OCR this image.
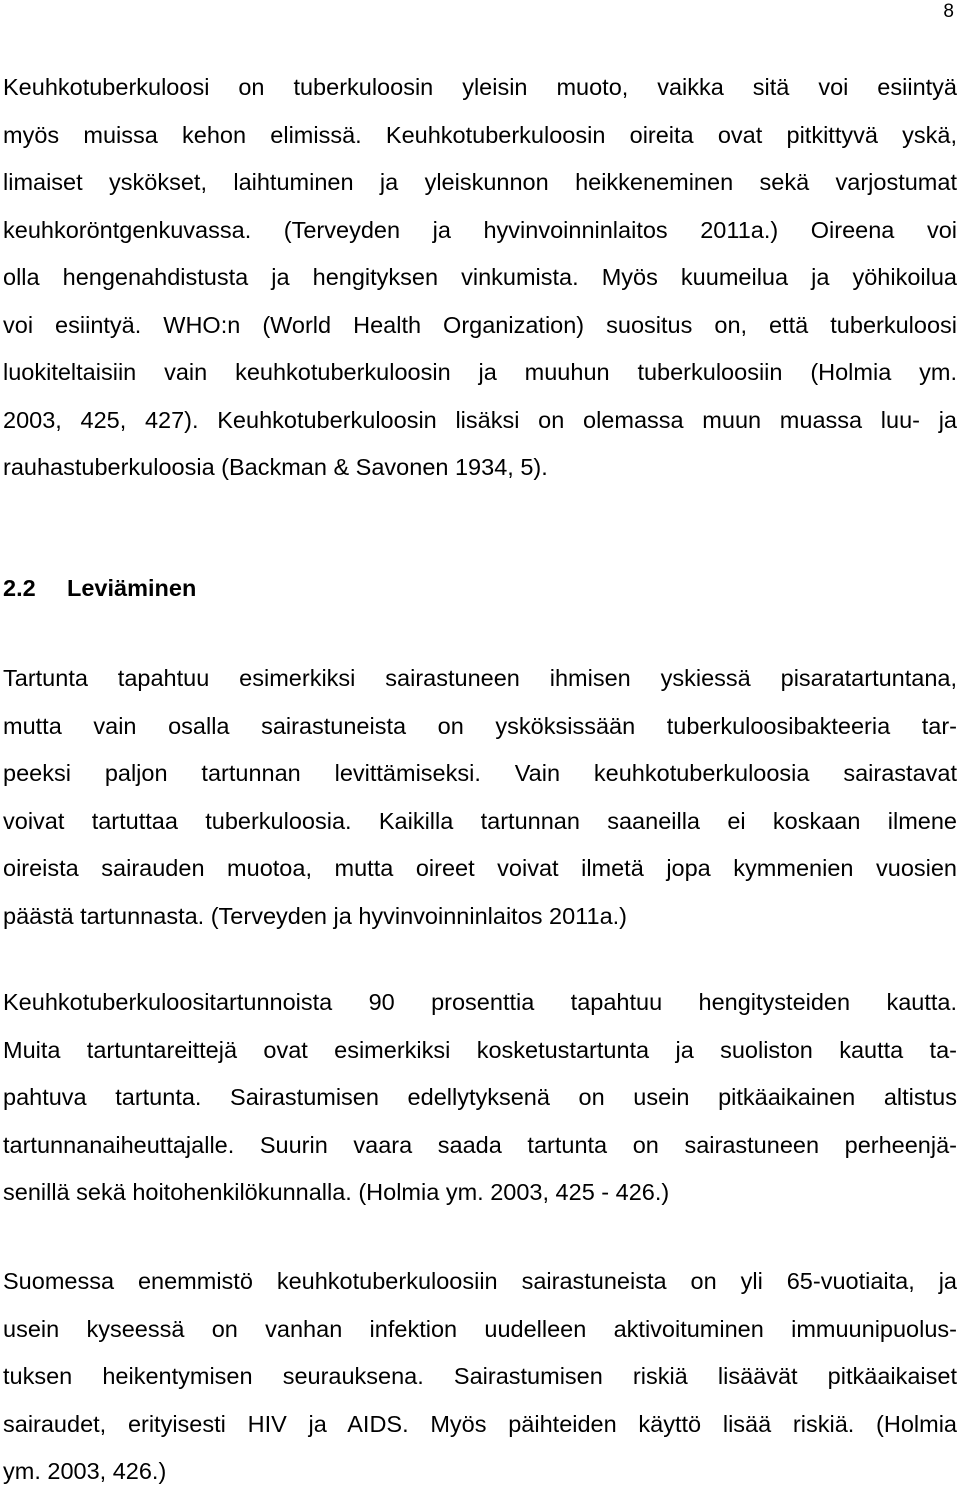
8

Keuhkotuberkuloosi on tuberkuloosin yleisin muoto, vaikka sitä voi esiintyä
myös muissa kehon elimissä. Keuhkotuberkuloosin oireita ovat pitkittyvä yskä,
limaiset yskökset, laihtuminen ja yleiskunnon heikkeneminen sekä varjostumat
keuhkoröntgenkuvassa. (Terveyden ja hyvinvoinninlaitos 2011a.) Oireena voi
olla hengenahdistusta ja hengityksen vinkumista. Myös kuumeilua ja yöhikoilua
voi esiintyä. WHO:n (World Health Organization) suositus on, että tuberkuloosi
luokiteltaisiin vain keuhkotuberkuloosin ja muuhun tuberkuloosiin (Holmia ym.
2003, 425, 427). Keuhkotuberkuloosin lisäksi on olemassa muun muassa luu- ja
rauhastuberkuloosia (Backman & Savonen 1934, 5).

2.2 Leviäminen

Tartunta tapahtuu esimerkiksi sairastuneen ihmisen yskiessä pisaratartuntana,
mutta vain osalla sairastuneista on ysköksissään tuberkuloosibakteeria tar-
peeksi paljon tartunnan levittämiseksi. Vain keuhkotuberkuloosia sairastavat
voivat tartuttaa tuberkuloosia. Kaikilla tartunnan saaneilla ei koskaan ilmene
oireista sairauden muotoa, mutta oireet voivat ilmetä jopa kymmenien vuosien
päästä tartunnasta. (Terveyden ja hyvinvoinninlaitos 2011a.)

Keuhkotuberkuloositartunnoista 90 prosenttia tapahtuu hengitysteiden kautta.
Muita tartuntareittejä ovat esimerkiksi kosketustartunta ja suoliston kautta ta-
pahtuva tartunta. Sairastumisen edellytyksenä on usein pitkäaikainen altistus
tartunnanaiheuttajalle. Suurin vaara saada tartunta on sairastuneen perheenjä-
senillä sekä hoitohenkilökunnalla. (Holmia ym. 2003, 425 - 426.)

Suomessa enemmistö keuhkotuberkuloosiin sairastuneista on yli 65-vuotiaita, ja
usein kyseessä on vanhan infektion uudelleen aktivoituminen immuunipuolus-
tuksen heikentymisen seurauksena. Sairastumisen riskiä lisäävät pitkäaikaiset
sairaudet, erityisesti HIV ja AIDS. Myös päihteiden käyttö lisää riskiä. (Holmia
ym. 2003, 426.)
